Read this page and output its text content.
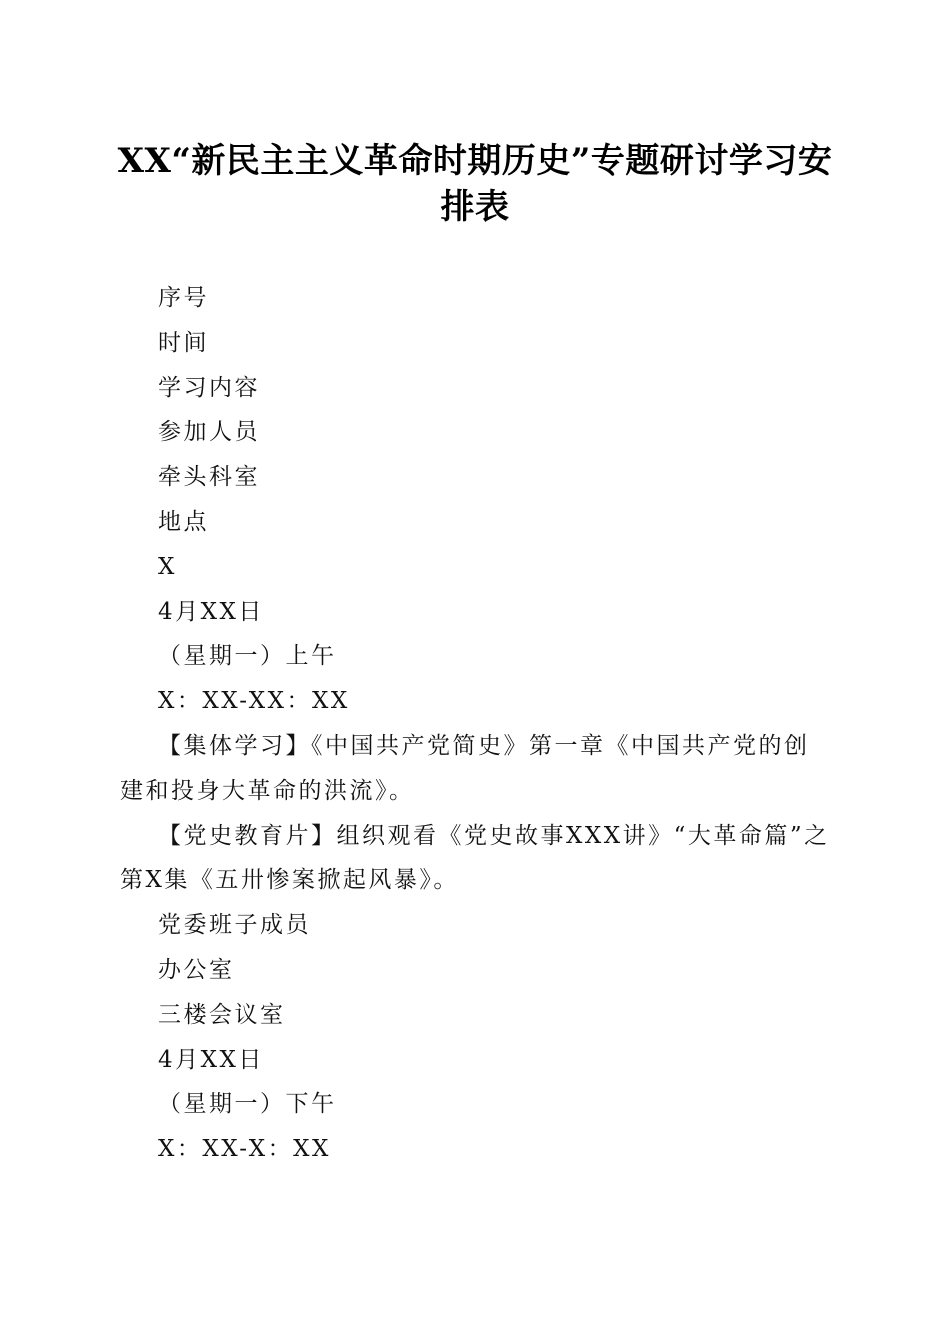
XX“新民主主义革命时期历史”专题研讨学习安排表

序号

时间

学习内容

参加人员

牵头科室

地点

X

4月XX日

（星期一）上午

X：XX-XX：XX

【集体学习】《中国共产党简史》第一章《中国共产党的创建和投身大革命的洪流》。

【党史教育片】组织观看《党史故事XXX讲》“大革命篇”之第X集《五卅惨案掀起风暴》。

党委班子成员

办公室

三楼会议室

4月XX日

（星期一）下午

X：XX-X：XX
